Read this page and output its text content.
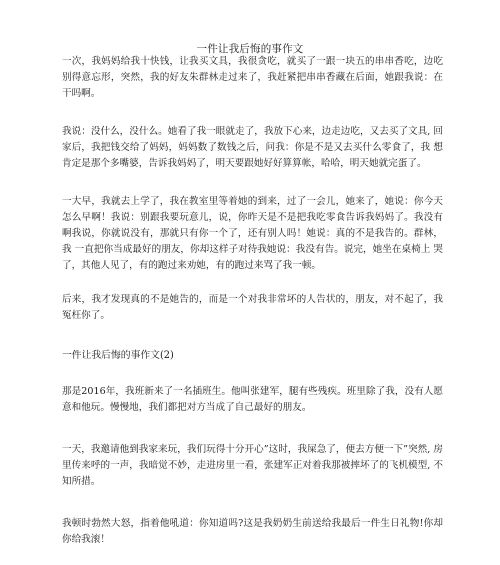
一件让我后悔的事作文

一次，我妈妈给我十快钱，让我买文具，我很贪吃，就买了一跟一块五的串串香吃，边吃 别得意忘形，突然，我的好友朱群林走过来了，我赶紧把串串香藏在后面，她跟我说：在 干吗啊。

我说：没什么，没什么。她看了我一眼就走了，我放下心来，边走边吃，又去买了文具, 回家后，我把钱交给了妈妈，妈妈数了数钱之后，问我：你是不是又去买什么零食了，我 想肯定是那个多嘴婆，告诉我妈妈了，明天要跟她好好算算帐，哈哈，明天她就完蛋了。

一大早，我就去上学了，我在教室里等着她的到来，过了一会儿，她来了，她说：你今天 怎么早啊！我说：别跟我要玩意儿，说，你昨天是不是把我吃零食告诉我妈妈了。我没有 啊我说，你就说没有，那就只有你一个了，还有别人吗！她说：真的不是我告的。群林，我 一直把你当成最好的朋友，你却这样子对待我她说：我没有告。说完，她坐在桌椅上 哭了，其他人见了，有的跑过来劝她，有的跑过来骂了我一顿。

后来，我才发现真的不是她告的，而是一个对我非常坏的人告状的，朋友，对不起了，我 冤枉你了。

一件让我后悔的事作文(2)

那是2016年，我班新来了一名插班生。他叫张建军，腿有些残疾。班里除了我，没有人愿 意和他玩。慢慢地，我们都把对方当成了自己最好的朋友。

一天，我邀请他到我家来玩，我们玩得十分开心”这时，我屎急了，便去方便一下”突然, 房里传来呼的一声，我暗觉不妙，走进房里一看，张建军正对着我那被摔坏了的飞机模型, 不知所措。

我顿时勃然大怒，指着他吼道：你知道吗?这是我奶奶生前送给我最后一件生日礼物!你却 你给我滚！
